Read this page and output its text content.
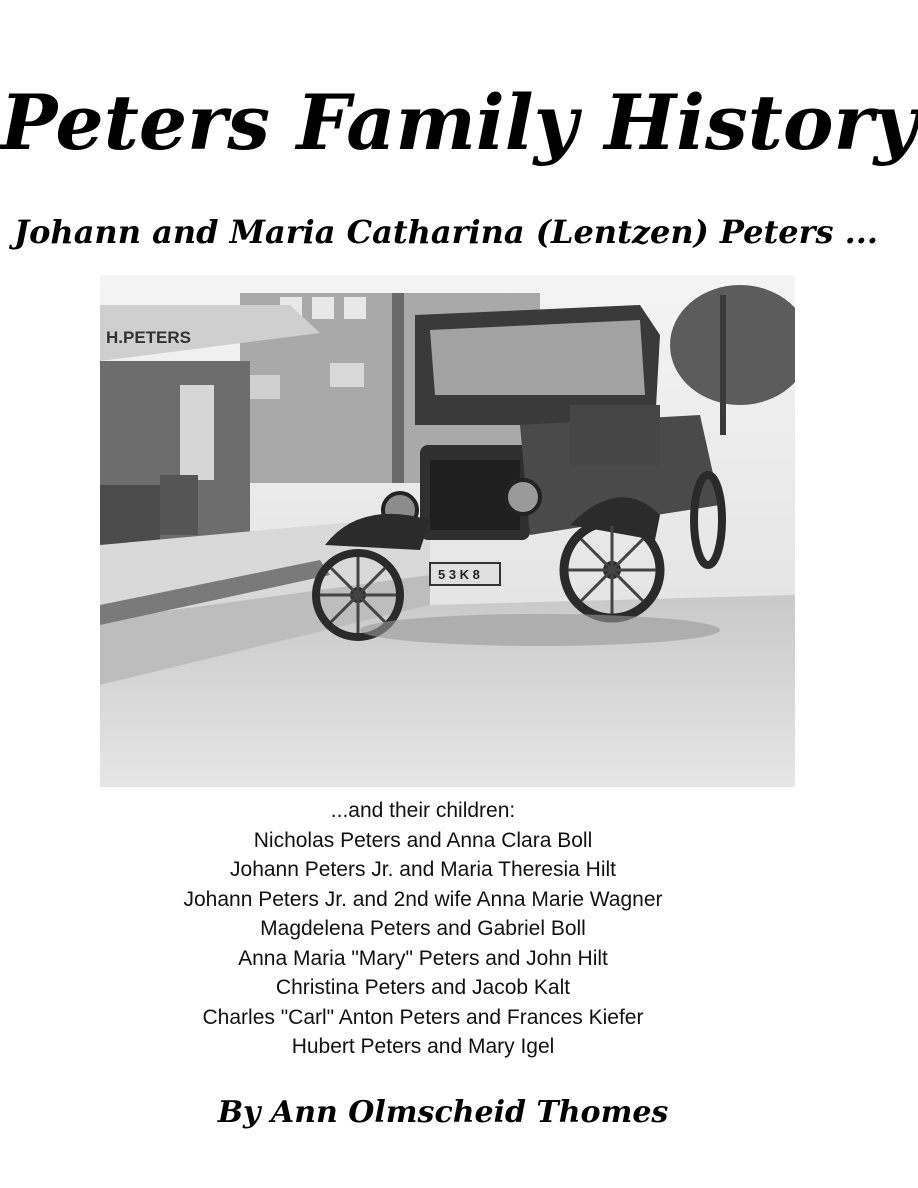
Peters Family History
Johann and Maria Catharina (Lentzen) Peters ...
H.PETERS
5 3 K 8
...and their children:
Nicholas Peters and Anna Clara Boll
Johann Peters Jr. and Maria Theresia Hilt
Johann Peters Jr. and 2nd wife Anna Marie Wagner
Magdelena Peters and Gabriel Boll
Anna Maria "Mary" Peters and John Hilt
Christina Peters and Jacob Kalt
Charles "Carl" Anton Peters and Frances Kiefer
Hubert Peters and Mary Igel
By Ann Olmscheid Thomes
